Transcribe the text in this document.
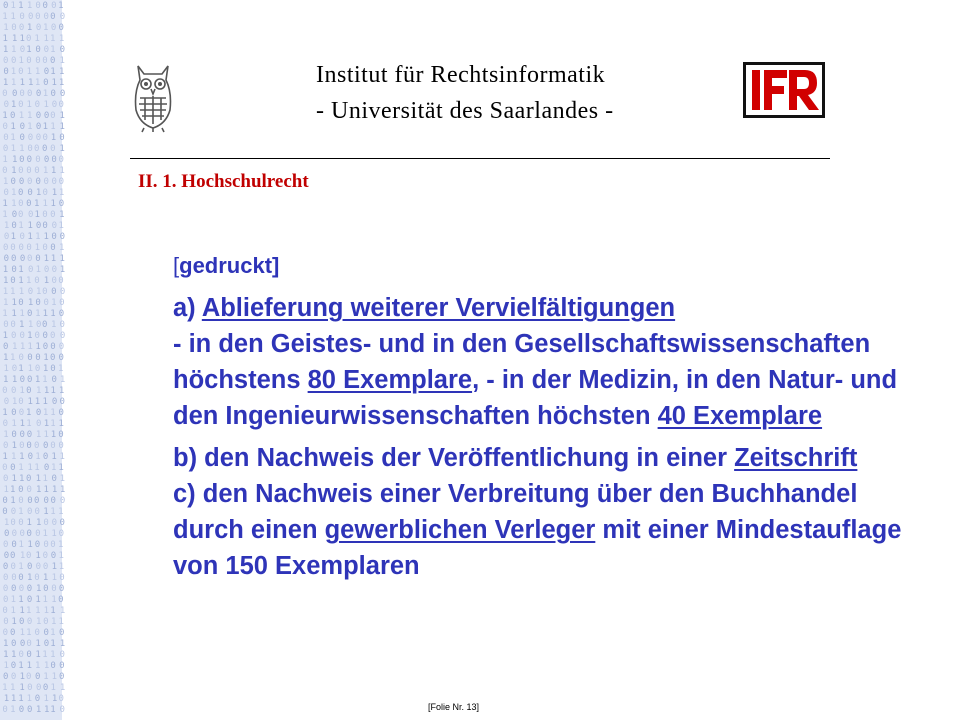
0 1 1 1 0 0 0 1
1 1 0 0 0 0 0 0
1 0 0 1 0 1 0 0
1 1 1 0 1 1 1 1
1 1 0 1 0 0 1 0
0 0 1 0 0 0 0 1
0 1 0 1 1 0 1 1
1 1 1 1 1 0 1 1
0 0 0 0 0 1 0 0
0 1 0 1 0 1 0 0
1 0 1 1 0 0 0 1
0 1 0 1 0 1 1 1
0 1 0 0 0 0 1 0
0 1 1 0 0 0 0 1
1 1 0 0 0 0 0 0
0 1 0 0 0 1 1 1
1 0 0 0 0 0 0 0
0 1 0 0 1 0 1 1
1 1 0 0 1 1 1 0
1 0 0 0 1 0 0 1
1 0 1 1 0 0 0 1
0 1 0 1 1 1 0 0
0 0 0 0 1 0 0 1
0 0 0 0 0 1 1 1
1 0 1 0 1 0 0 1
1 0 1 1 0 1 0 0
1 1 1 0 1 0 0 0
1 1 0 1 0 0 1 0
1 1 1 0 1 1 1 0
0 0 1 1 0 0 1 0
1 0 0 1 0 0 0 0
0 1 1 1 1 0 0 0
1 1 0 0 0 1 0 0
1 0 1 1 0 1 0 1
1 1 0 0 1 1 0 1
0 0 1 0 1 1 1 1
0 1 0 1 1 1 0 0
1 0 0 1 0 1 1 0
0 1 1 1 0 1 1 1
1 0 0 0 1 1 1 0
0 1 0 0 0 0 0 0
1 1 1 0 1 0 1 1
0 0 1 1 1 0 1 1
0 1 1 0 1 1 0 1
1 1 0 0 1 1 1 1
0 1 0 0 0 0 0 0
0 0 1 0 0 1 1 1
1 0 0 1 1 0 0 0
0 0 0 0 0 1 1 0
0 0 1 1 0 0 0 1
0 0 1 0 1 0 0 1
0 0 1 0 0 0 1 1
0 0 0 1 0 1 1 0
0 0 0 0 1 0 0 0
0 1 1 0 1 1 1 0
0 1 1 1 1 1 1 1
0 1 0 0 1 0 1 1
0 0 1 1 0 0 1 0
1 0 0 0 1 0 1 1
1 1 0 0 1 1 1 0
1 0 1 1 1 1 0 0
0 0 1 0 0 1 1 0
1 1 1 0 0 0 1 1
1 1 1 1 0 1 1 0
0 1 0 0 1 1 1 0
Institut für Rechtsinformatik
- Universität des Saarlandes -
II. 1. Hochschulrecht

[gedruckt]

a) Ablieferung weiterer Vervielfältigungen
- in den Geistes- und in den Gesellschaftswissenschaften höchstens 80 Exemplare, - in der Medizin, in den Natur- und den Ingenieurwissenschaften höchsten 40 Exemplare

b) den Nachweis der Veröffentlichung in einer Zeitschrift
c) den Nachweis einer Verbreitung über den Buchhandel durch einen gewerblichen Verleger mit einer Mindestauflage von 150 Exemplaren

[Folie Nr. 13]
